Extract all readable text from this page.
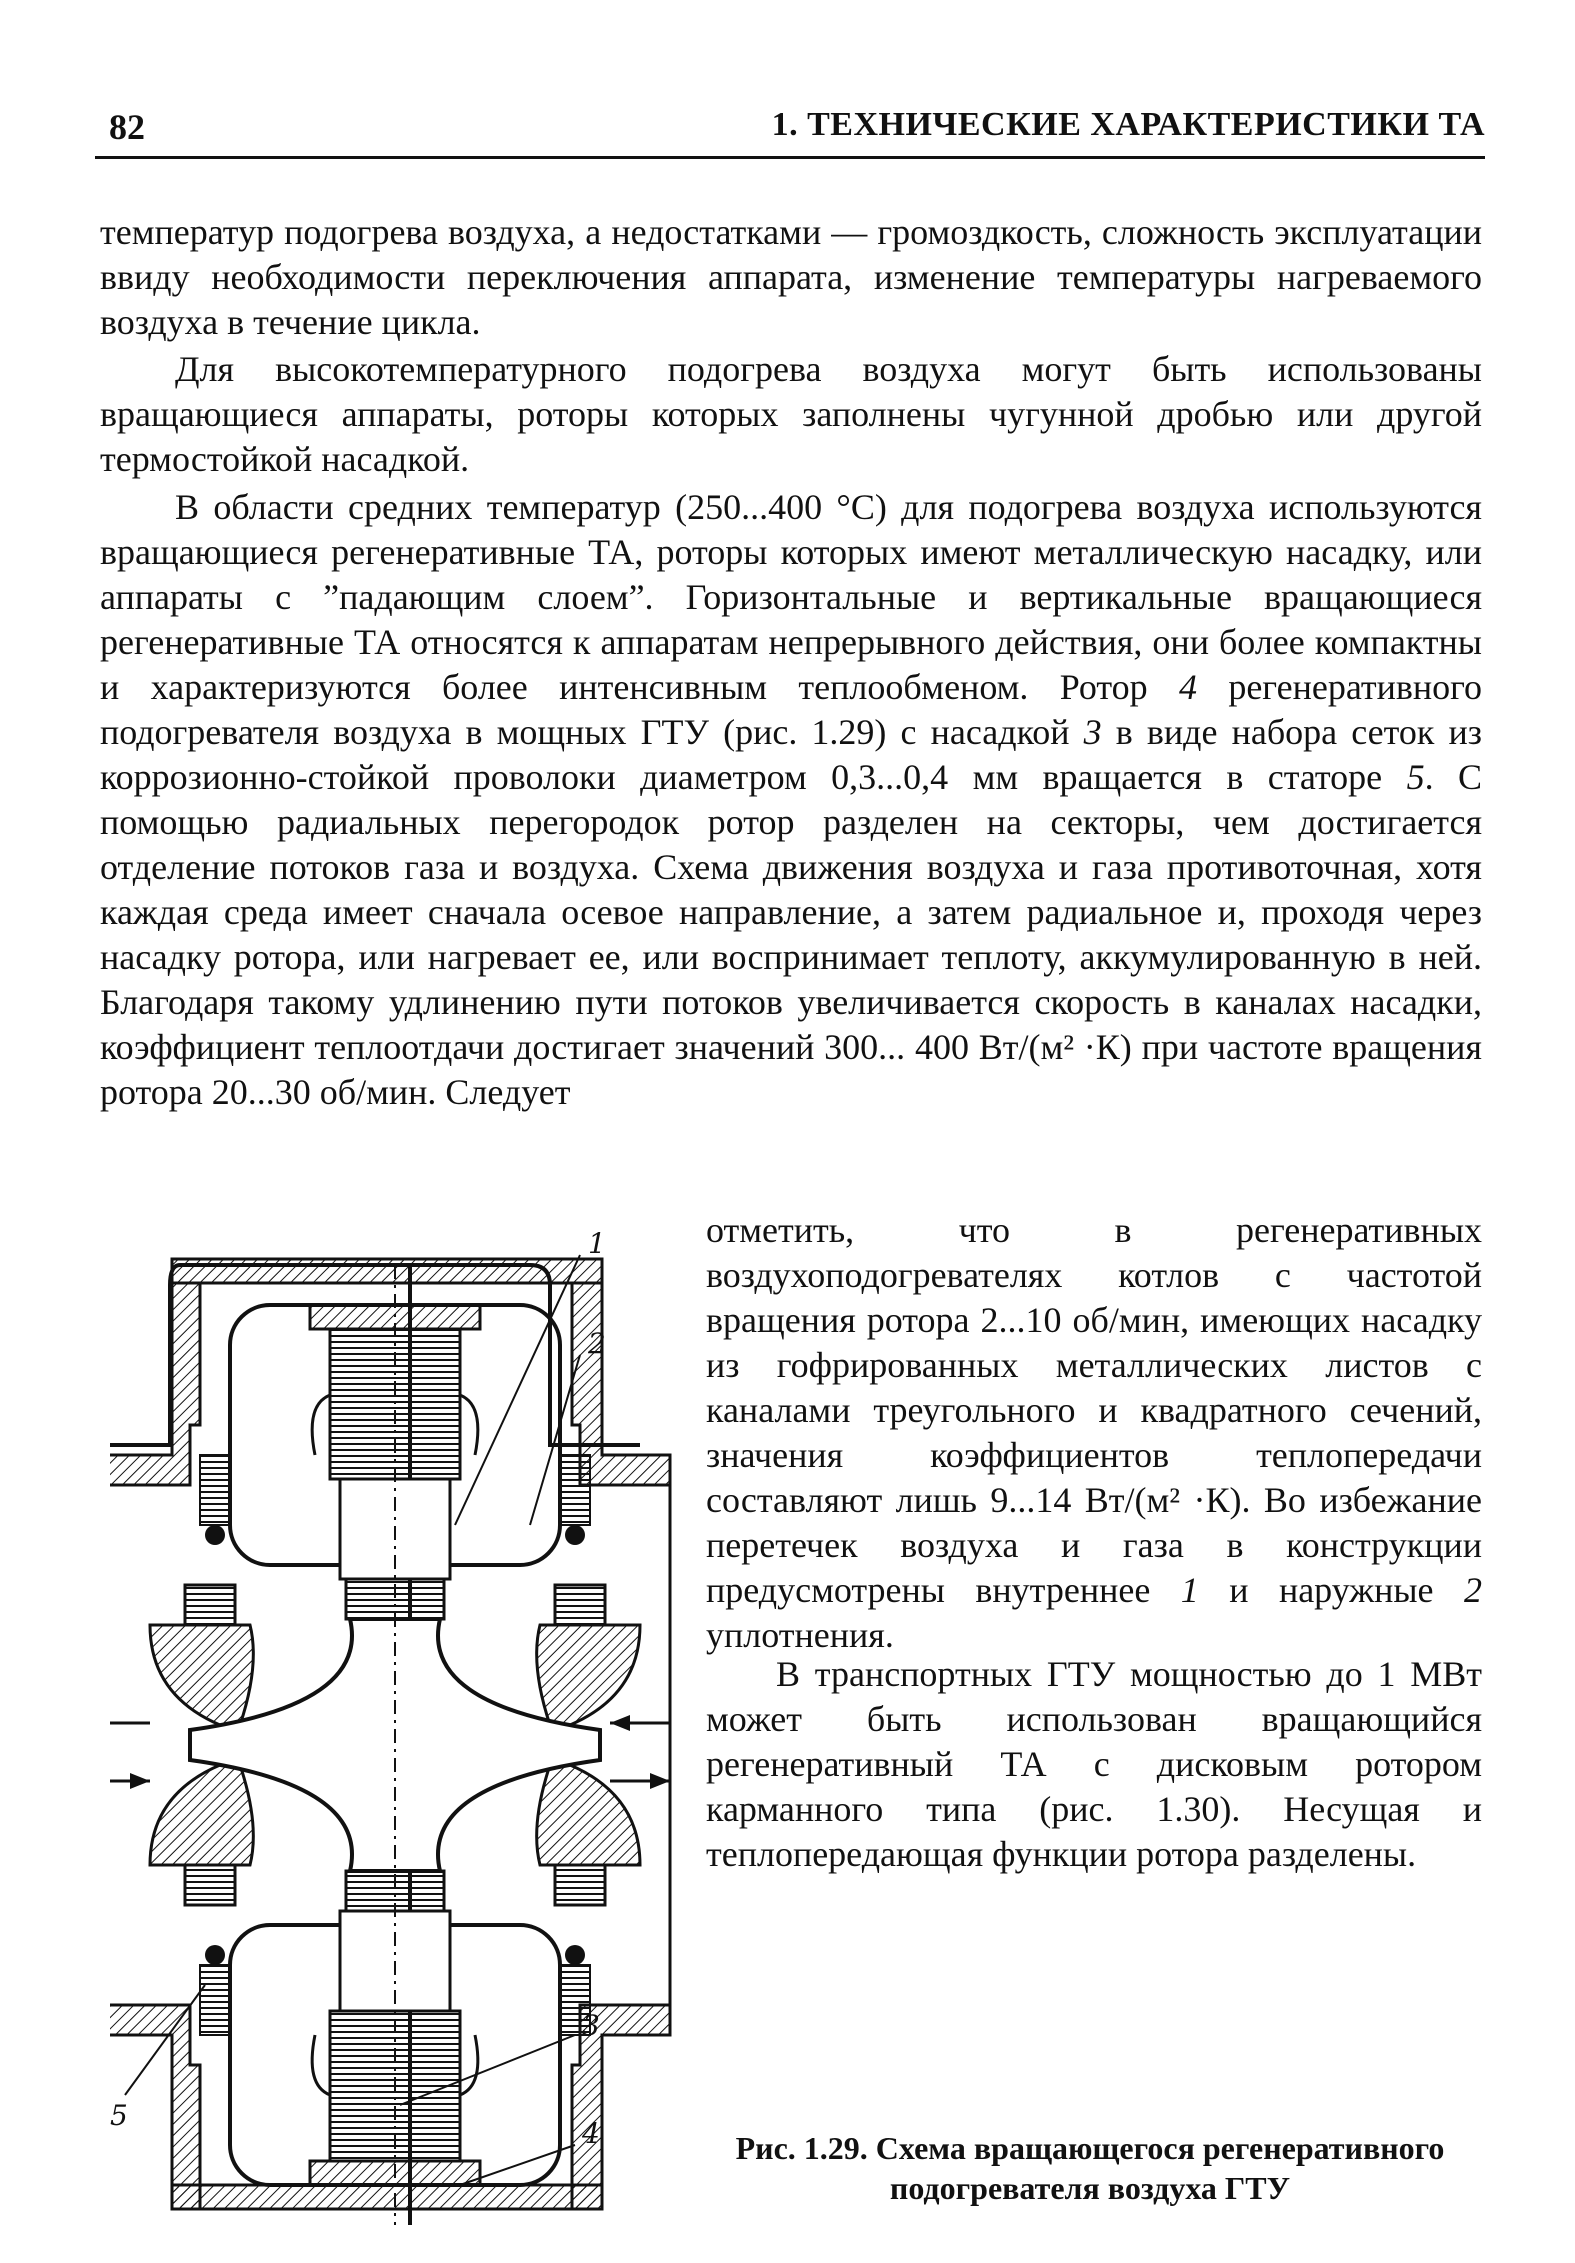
82	1. ТЕХНИЧЕСКИЕ ХАРАКТЕРИСТИКИ ТА

температур подогрева воздуха, а недостатками — громоздкость, сложность эксплуатации ввиду необходимости переключения аппарата, изменение температуры нагреваемого воздуха в течение цикла.

Для высокотемпературного подогрева воздуха могут быть использованы вращающиеся аппараты, роторы которых заполнены чугунной дробью или другой термостойкой насадкой.

В области средних температур (250...400 °С) для подогрева воздуха используются вращающиеся регенеративные ТА, роторы которых имеют металлическую насадку, или аппараты с ”падающим слоем”. Горизонтальные и вертикальные вращающиеся регенеративные ТА относятся к аппаратам непрерывного действия, они более компактны и характеризуются более интенсивным теплообменом. Ротор 4 регенеративного подогревателя воздуха в мощных ГТУ (рис. 1.29) с насадкой 3 в виде набора сеток из коррозионно-стойкой проволоки диаметром 0,3...0,4 мм вращается в статоре 5. С помощью радиальных перегородок ротор разделен на секторы, чем достигается отделение потоков газа и воздуха. Схема движения воздуха и газа противоточная, хотя каждая среда имеет сначала осевое направление, а затем радиальное и, проходя через насадку ротора, или нагревает ее, или воспринимает теплоту, аккумулированную в ней. Благодаря такому удлинению пути потоков увеличивается скорость в каналах насадки, коэффициент теплоотдачи достигает значений 300... 400 Вт/(м² ·К) при частоте вращения ротора 20...30 об/мин. Следует

отметить, что в регенеративных воздухоподогревателях котлов с частотой вращения ротора 2...10 об/мин, имеющих насадку из гофрированных металлических листов с каналами треугольного и квадратного сечений, значения коэффициентов теплопередачи составляют лишь 9...14 Вт/(м² ·К). Во избежание перетечек воздуха и газа в конструкции предусмотрены внутреннее 1 и наружные 2 уплотнения.

В транспортных ГТУ мощностью до 1 МВт может быть использован вращающийся регенеративный ТА с дисковым ротором карманного типа (рис. 1.30). Несущая и теплопередающая функции ротора разделены.

1
2
3
4
5
Рис. 1.29. Схема вращающегося регенеративного подогревателя воздуха ГТУ
